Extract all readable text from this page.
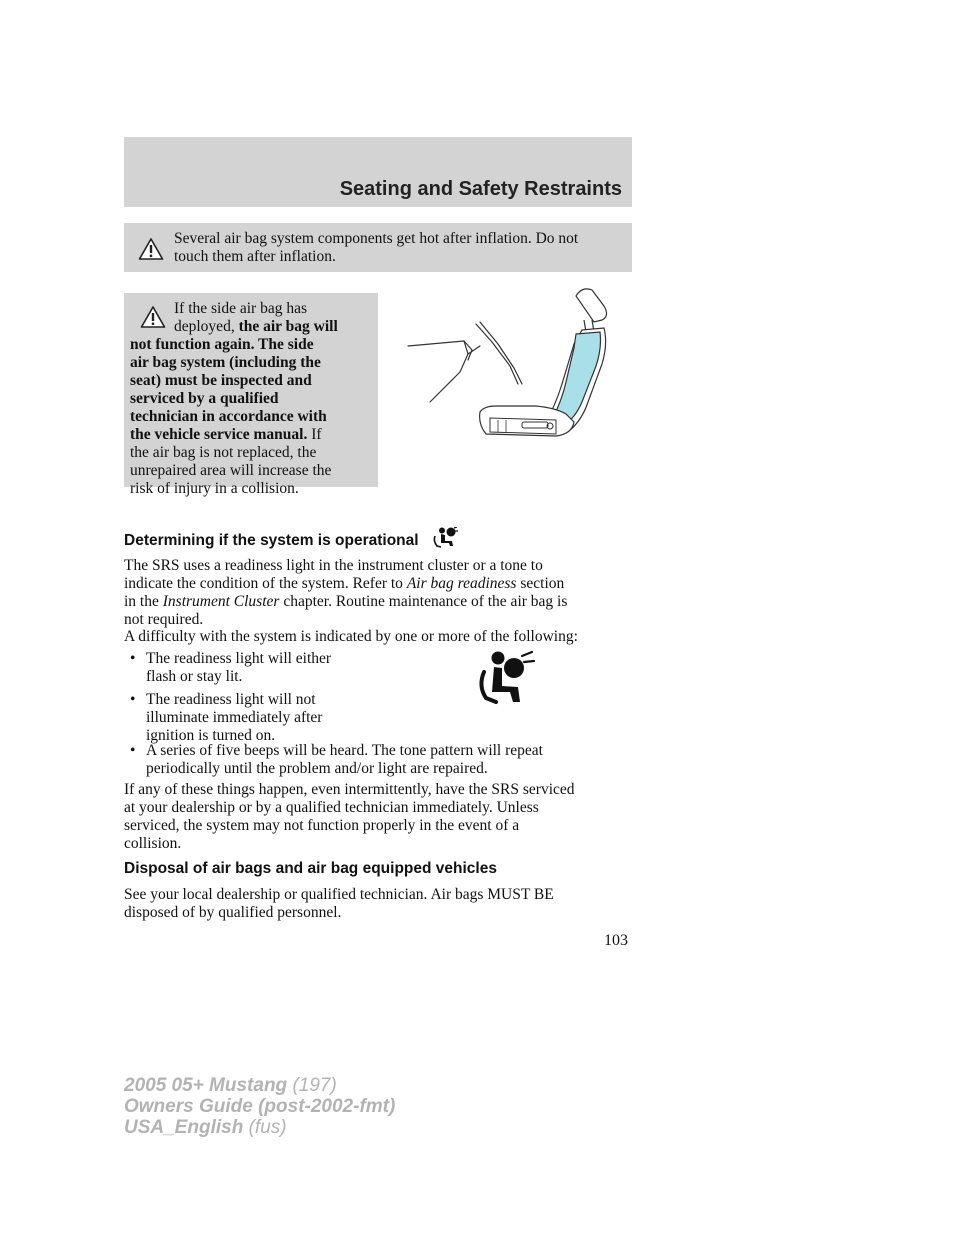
Seating and Safety Restraints
Several air bag system components get hot after inflation. Do not
touch them after inflation.
If the side air bag has
deployed, the air bag will
not function again. The side
air bag system (including the
seat) must be inspected and
serviced by a qualified
technician in accordance with
the vehicle service manual. If
the air bag is not replaced, the
unrepaired area will increase the
risk of injury in a collision.
Determining if the system is operational
The SRS uses a readiness light in the instrument cluster or a tone to
indicate the condition of the system. Refer to Air bag readiness section
in the Instrument Cluster chapter. Routine maintenance of the air bag is
not required.
A difficulty with the system is indicated by one or more of the following:
• The readiness light will either
flash or stay lit.
• The readiness light will not
illuminate immediately after
ignition is turned on.
• A series of five beeps will be heard. The tone pattern will repeat
periodically until the problem and/or light are repaired.
If any of these things happen, even intermittently, have the SRS serviced
at your dealership or by a qualified technician immediately. Unless
serviced, the system may not function properly in the event of a
collision.
Disposal of air bags and air bag equipped vehicles
See your local dealership or qualified technician. Air bags MUST BE
disposed of by qualified personnel.
103
2005 05+ Mustang (197)
Owners Guide (post-2002-fmt)
USA_English (fus)
